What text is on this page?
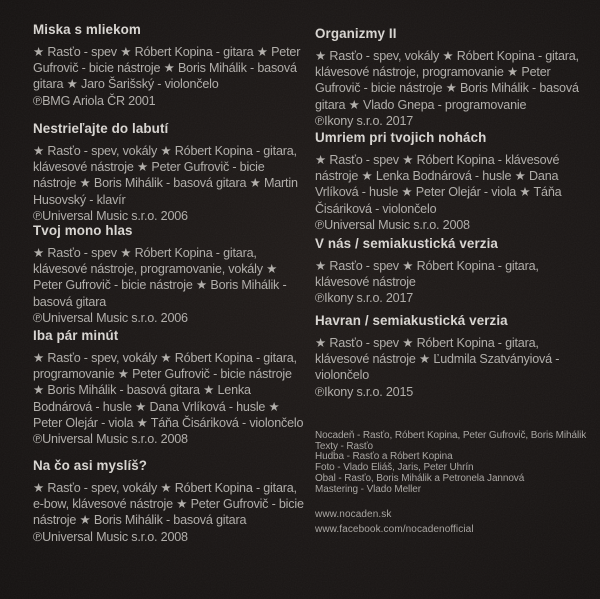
Miska s mliekom

★ Rasťo - spev ★ Róbert Kopina - gitara ★ Peter Gufrovič - bicie nástroje ★ Boris Mihálik - basová gitara ★ Jaro Šarišský - violončelo

℗BMG Ariola ČR 2001

Nestrieľajte do labutí

★ Rasťo - spev, vokály ★ Róbert Kopina - gitara, klávesové nástroje ★ Peter Gufrovič - bicie nástroje ★ Boris Mihálik - basová gitara ★ Martin Husovský - klavír

℗Universal Music s.r.o. 2006

Tvoj mono hlas

★ Rasťo - spev ★ Róbert Kopina - gitara, klávesové nástroje, programovanie, vokály ★ Peter Gufrovič - bicie nástroje ★ Boris Mihálik - basová gitara

℗Universal Music s.r.o. 2006

Iba pár minút

★ Rasťo - spev, vokály ★ Róbert Kopina - gitara, programovanie ★ Peter Gufrovič - bicie nástroje ★ Boris Mihálik - basová gitara ★ Lenka Bodnárová - husle ★ Dana Vrlíková - husle ★ Peter Olejár - viola ★ Táňa Čisáriková - violončelo

℗Universal Music s.r.o. 2008

Na čo asi myslíš?

★ Rasťo - spev, vokály ★ Róbert Kopina - gitara, e-bow, klávesové nástroje ★ Peter Gufrovič - bicie nástroje ★ Boris Mihálik - basová gitara

℗Universal Music s.r.o. 2008

Organizmy II

★ Rasťo - spev, vokály ★ Róbert Kopina - gitara, klávesové nástroje, programovanie ★ Peter Gufrovič - bicie nástroje ★ Boris Mihálik - basová gitara ★ Vlado Gnepa - programovanie

℗Ikony s.r.o. 2017

Umriem pri tvojich nohách

★ Rasťo - spev ★ Róbert Kopina - klávesové nástroje ★ Lenka Bodnárová - husle ★ Dana Vrlíková - husle ★ Peter Olejár - viola ★ Táňa Čisáriková - violončelo

℗Universal Music s.r.o. 2008

V nás / semiakustická verzia

★ Rasťo - spev ★ Róbert Kopina - gitara, klávesové nástroje

℗Ikony s.r.o. 2017

Havran / semiakustická verzia

★ Rasťo - spev ★ Róbert Kopina - gitara, klávesové nástroje ★ Ľudmila Szatványiová - violončelo

℗Ikony s.r.o. 2015

Nocadeň - Rasťo, Róbert Kopina, Peter Gufrovič, Boris Mihálik
Texty - Rasťo
Hudba - Rasťo a Róbert Kopina
Foto - Vlado Eliáš, Jaris, Peter Uhrín
Obal - Rasťo, Boris Mihálik a Petronela Jannová
Mastering - Vlado Meller
www.nocaden.sk
www.facebook.com/nocadenofficial
